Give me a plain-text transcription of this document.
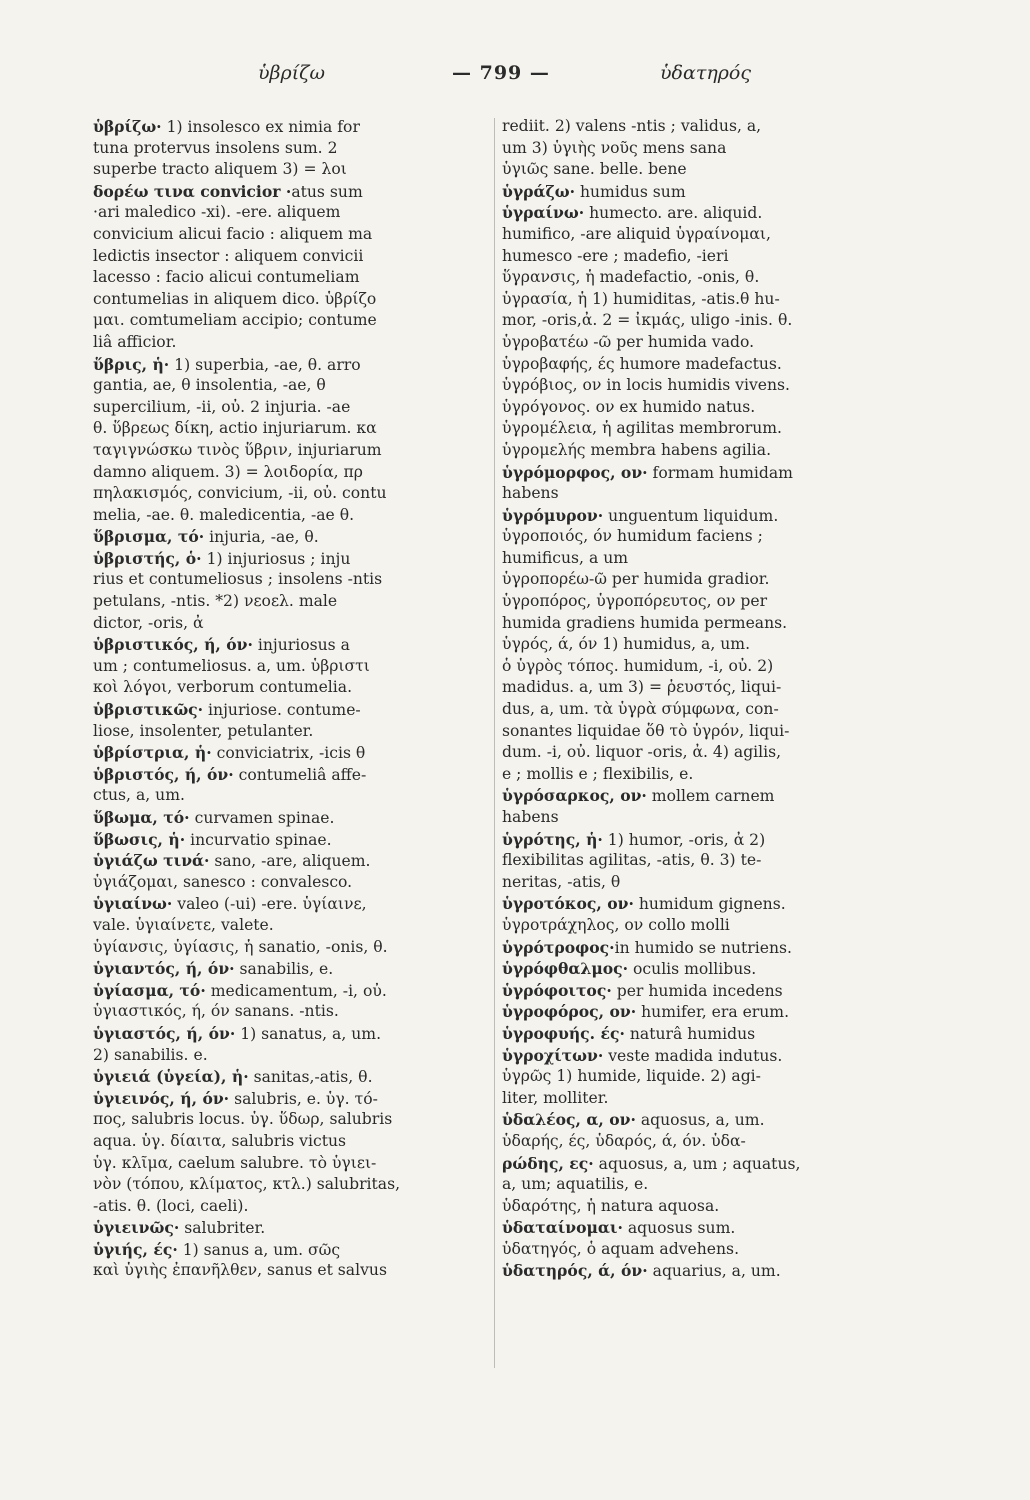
ὑβρίζω	— 799 —	ὑδατηρός
ὑβρίζω· 1) insolesco ex nimia for
tuna protervus insolens sum. 2
superbe tracto aliquem 3) = λοι
δορέω τινα convicior ·atus sum
·ari maledico -xi). -ere. aliquem
convicium alicui facio : aliquem ma
ledictis insector : aliquem convicii
lacesso : facio alicui contumeliam
contumelias in aliquem dico. ὑβρίζο
μαι. comtumeliam accipio; contume
liâ afficior.
ὕβρις, ἡ· 1) superbia, -ae, θ. arro
gantia, ae, θ insolentia, -ae, θ
supercilium, -ii, οὐ. 2 injuria. -ae
θ. ὕβρεως δίκη, actio injuriarum. κα
ταγιγνώσκω τινὸς ὕβριν, injuriarum
damno aliquem. 3) = λοιδορία, πρ
πηλακισμός, convicium, -ii, οὐ. contu
melia, -ae. θ. maledicentia, -ae θ.
ὕβρισμα, τό· injuria, -ae, θ.
ὑβριστής, ὁ· 1) injuriosus ; inju
rius et contumeliosus ; insolens -ntis
petulans, -ntis. *2) νεοελ. male
dictor, -oris, ἀ
ὑβριστικός, ή, όν· injuriosus a
um ; contumeliosus. a, um. ὑβριστι
κοὶ λόγοι, verborum contumelia.
ὑβριστικῶς· injuriose. contume-
liose, insolenter, petulanter.
ὑβρίστρια, ἡ· conviciatrix, -icis θ
ὑβριστός, ή, όν· contumeliâ affe-
ctus, a, um.
ὕβωμα, τό· curvamen spinae.
ὕβωσις, ἡ· incurvatio spinae.
ὑγιάζω τινά· sano, -are, aliquem.
ὑγιάζομαι, sanesco : convalesco.
ὑγιαίνω· valeo (-ui) -ere. ὑγίαινε,
vale. ὑγιαίνετε, valete.
ὑγίανσις, ὑγίασις, ἡ sanatio, -onis, θ.
ὑγιαντός, ή, όν· sanabilis, e.
ὑγίασμα, τό· medicamentum, -i, οὐ.
ὑγιαστικός, ή, όν sanans. -ntis.
ὑγιαστός, ή, όν· 1) sanatus, a, um.
2) sanabilis. e.
ὑγιειά (ὑγεία), ἡ· sanitas,-atis, θ.
ὑγιεινός, ή, όν· salubris, e. ὑγ. τό-
πος, salubris locus. ὑγ. ὕδωρ, salubris
aqua. ὑγ. δίαιτα, salubris victus
ὑγ. κλῖμα, caelum salubre. τὸ ὑγιει-
νὸν (τόπου, κλίματος, κτλ.) salubritas,
-atis. θ. (loci, caeli).
ὑγιεινῶς· salubriter.
ὑγιής, ές· 1) sanus a, um. σῶς
καὶ ὑγιὴς ἐπανῆλθεν, sanus et salvus
rediit. 2) valens -ntis ; validus, a,
um 3) ὑγιὴς νοῦς mens sana
ὑγιῶς sane. belle. bene
ὑγράζω· humidus sum
ὑγραίνω· humecto. are. aliquid.
humifico, -are aliquid ὑγραίνομαι,
humesco -ere ; madefio, -ieri
ὕγρανσις, ἡ madefactio, -onis, θ.
ὑγρασία, ἡ 1) humiditas, -atis.θ hu-
mor, -oris,ἀ. 2 = ἰκμάς, uligo -inis. θ.
ὑγροβατέω -ῶ per humida vado.
ὑγροβαφής, ές humore madefactus.
ὑγρόβιος, ον in locis humidis vivens.
ὑγρόγονος. ον ex humido natus.
ὑγρομέλεια, ἡ agilitas membrorum.
ὑγρομελής membra habens agilia.
ὑγρόμορφος, ον· formam humidam
habens
ὑγρόμυρον· unguentum liquidum.
ὑγροποιός, όν humidum faciens ;
humificus, a um
ὑγροπορέω-ῶ per humida gradior.
ὑγροπόρος, ὑγροπόρευτος, ον per
humida gradiens humida permeans.
ὑγρός, ά, όν 1) humidus, a, um.
ὁ ὑγρὸς τόπος. humidum, -i, οὐ. 2)
madidus. a, um 3) = ῥευστός, liqui-
dus, a, um. τὰ ὑγρὰ σύμφωνα, con-
sonantes liquidae ὅθ τὸ ὑγρόν, liqui-
dum. -i, οὐ. liquor -oris, ἀ. 4) agilis,
e ; mollis e ; flexibilis, e.
ὑγρόσαρκος, ον· mollem carnem
habens
ὑγρότης, ἡ· 1) humor, -oris, ἀ 2)
flexibilitas agilitas, -atis, θ. 3) te-
neritas, -atis, θ
ὑγροτόκος, ον· humidum gignens.
ὑγροτράχηλος, ον collo molli
ὑγρότροφος·in humido se nutriens.
ὑγρόφθαλμος· oculis mollibus.
ὑγρόφοιτος· per humida incedens
ὑγροφόρος, ον· humifer, era erum.
ὑγροφυής. ές· naturâ humidus
ὑγροχίτων· veste madida indutus.
ὑγρῶς 1) humide, liquide. 2) agi-
liter, molliter.
ὑδαλέος, α, ον· aquosus, a, um.
ὑδαρής, ές, ὑδαρός, ά, όν. ὑδα-
ρώδης, ες· aquosus, a, um ; aquatus,
a, um; aquatilis, e.
ὑδαρότης, ἡ natura aquosa.
ὑδαταίνομαι· aquosus sum.
ὑδατηγός, ὁ aquam advehens.
ὑδατηρός, ά, όν· aquarius, a, um.
